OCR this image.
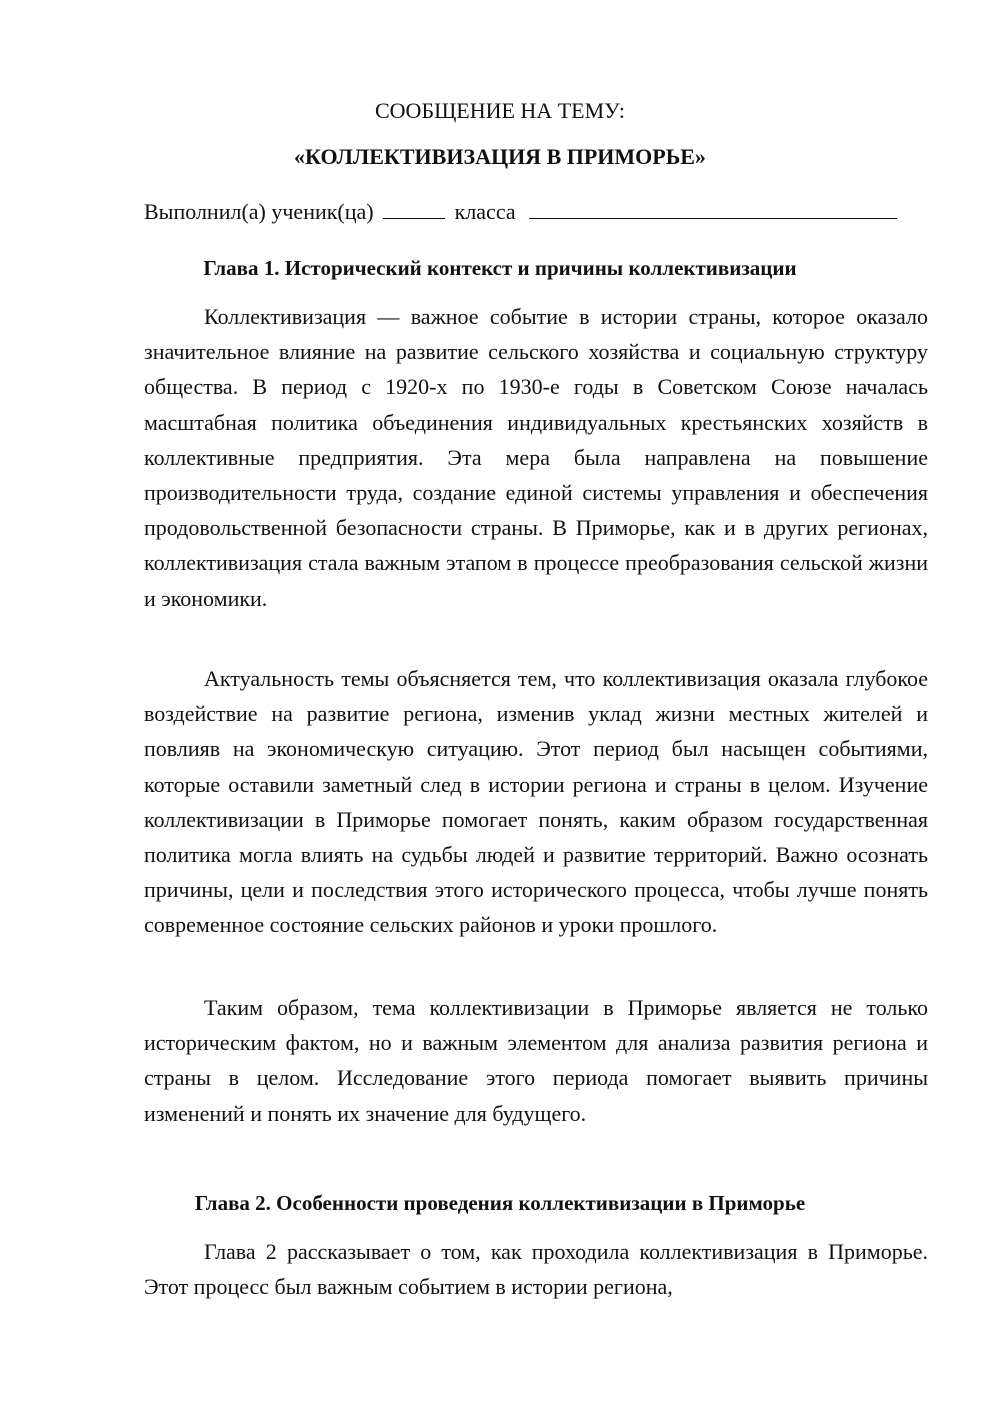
СООБЩЕНИЕ НА ТЕМУ:
«КОЛЛЕКТИВИЗАЦИЯ В ПРИМОРЬЕ»
Выполнил(а) ученик(ца)	класса
Глава 1. Исторический контекст и причины коллективизации

Коллективизация — важное событие в истории страны, которое оказало значительное влияние на развитие сельского хозяйства и социальную структуру общества. В период с 1920-х по 1930-е годы в Советском Союзе началась масштабная политика объединения индивидуальных крестьянских хозяйств в коллективные предприятия. Эта мера была направлена на повышение производительности труда, создание единой системы управления и обеспечения продовольственной безопасности страны. В Приморье, как и в других регионах, коллективизация стала важным этапом в процессе преобразования сельской жизни и экономики.

Актуальность темы объясняется тем, что коллективизация оказала глубокое воздействие на развитие региона, изменив уклад жизни местных жителей и повлияв на экономическую ситуацию. Этот период был насыщен событиями, которые оставили заметный след в истории региона и страны в целом. Изучение коллективизации в Приморье помогает понять, каким образом государственная политика могла влиять на судьбы людей и развитие территорий. Важно осознать причины, цели и последствия этого исторического процесса, чтобы лучше понять современное состояние сельских районов и уроки прошлого.

Таким образом, тема коллективизации в Приморье является не только историческим фактом, но и важным элементом для анализа развития региона и страны в целом. Исследование этого периода помогает выявить причины изменений и понять их значение для будущего.

Глава 2. Особенности проведения коллективизации в Приморье

Глава 2 рассказывает о том, как проходила коллективизация в Приморье. Этот процесс был важным событием в истории региона,
